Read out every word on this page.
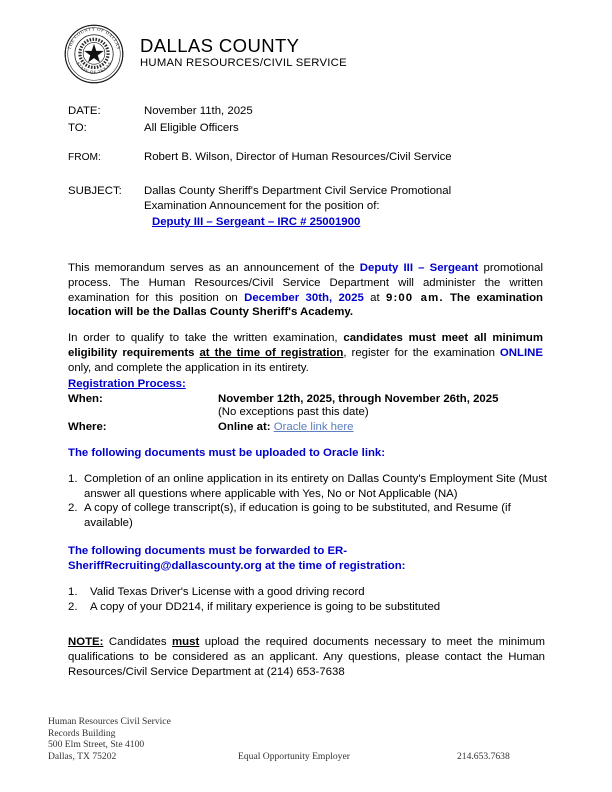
THE COUNTY OF DALLAS
STATE OF TEXAS
DALLAS COUNTY
HUMAN RESOURCES/CIVIL SERVICE
DATE:	November 11th, 2025
TO:	All Eligible Officers
FROM:	Robert B. Wilson, Director of Human Resources/Civil Service
SUBJECT:	Dallas County Sheriff's Department Civil Service Promotional
Examination Announcement for the position of:
Deputy III – Sergeant – IRC # 25001900

This memorandum serves as an announcement of the Deputy III – Sergeant promotional process. The Human Resources/Civil Service Department will administer the written examination for this position on December 30th, 2025 at 9:00 am. The examination location will be the Dallas County Sheriff's Academy.

In order to qualify to take the written examination, candidates must meet all minimum eligibility requirements at the time of registration, register for the examination ONLINE only, and complete the application in its entirety.

Registration Process:
When:	November 12th, 2025, through November 26th, 2025
(No exceptions past this date)
Where:	Online at: Oracle link here
The following documents must be uploaded to Oracle link:
1. Completion of an online application in its entirety on Dallas County's Employment Site (Must answer all questions where applicable with Yes, No or Not Applicable (NA)
2. A copy of college transcript(s), if education is going to be substituted, and Resume (if available)
The following documents must be forwarded to ER-
SheriffRecruiting@dallascounty.org at the time of registration:
1.	Valid Texas Driver's License with a good driving record
2.	A copy of your DD214, if military experience is going to be substituted

NOTE: Candidates must upload the required documents necessary to meet the minimum qualifications to be considered as an applicant. Any questions, please contact the Human Resources/Civil Service Department at (214) 653-7638

Human Resources Civil Service
Records Building
500 Elm Street, Ste 4100
Dallas, TX 75202	Equal Opportunity Employer	214.653.7638
